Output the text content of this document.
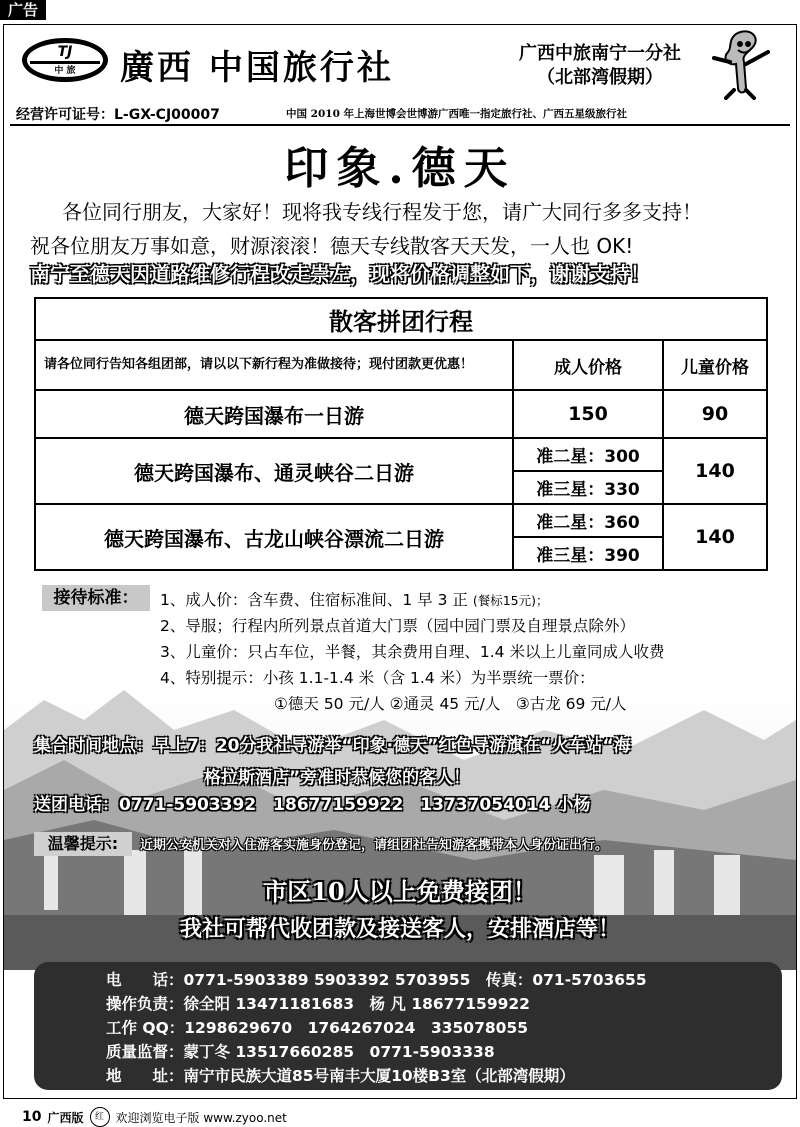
广告
TJ
中 旅 廣西 中国旅行社	广西中旅南宁一分社
（北部湾假期）
经营许可证号：L-GX-CJ00007	中国 2010 年上海世博会世博游广西唯一指定旅行社、广西五星级旅行社
印象.德天
各位同行朋友，大家好！现将我专线行程发于您，请广大同行多多支持！
祝各位朋友万事如意，财源滚滚！德天专线散客天天发，一人也 OK!
南宁至德天因道路维修行程改走崇左，现将价格调整如下，谢谢支持！
散客拼团行程		
请各位同行告知各组团部，请以以下新行程为准做接待；现付团款更优惠！	成人价格	儿童价格
德天跨国瀑布一日游	150	90
德天跨国瀑布、通灵峡谷二日游	准二星：300	140
	准三星：330	
德天跨国瀑布、古龙山峡谷漂流二日游	准二星：360	140
	准三星：390	
接待标准：	1、成人价：含车费、住宿标准间、1 早 3 正 (餐标15元)；
2、导服；行程内所列景点首道大门票（园中园门票及自理景点除外）
3、儿童价：只占车位，半餐，其余费用自理、1.4 米以上儿童同成人收费
4、特别提示：小孩 1.1-1.4 米（含 1.4 米）为半票统一票价：
①德天 50 元/人 ②通灵 45 元/人　③古龙 69 元/人
集合时间地点：早上7：20分我社导游举“印象·德天”红色导游旗在“火车站“海
格拉斯酒店”旁准时恭候您的客人！
送团电话：0771-5903392　18677159922　13737054014 小杨
温馨提示:	近期公安机关对入住游客实施身份登记，请组团社告知游客携带本人身份证出行。
市区10人以上免费接团！
我社可帮代收团款及接送客人，安排酒店等！
电　　话：0771-5903389 5903392 5703955　传真：071-5703655
操作负责：徐全阳 13471181683　杨 凡 18677159922
工作 QQ：1298629670　1764267024　335078055
质量监督：蒙丁冬 13517660285　0771-5903338
地　　址：南宁市民族大道85号南丰大厦10楼B3室（北部湾假期）
10 广西版	红 欢迎浏览电子版 www.zyoo.net
